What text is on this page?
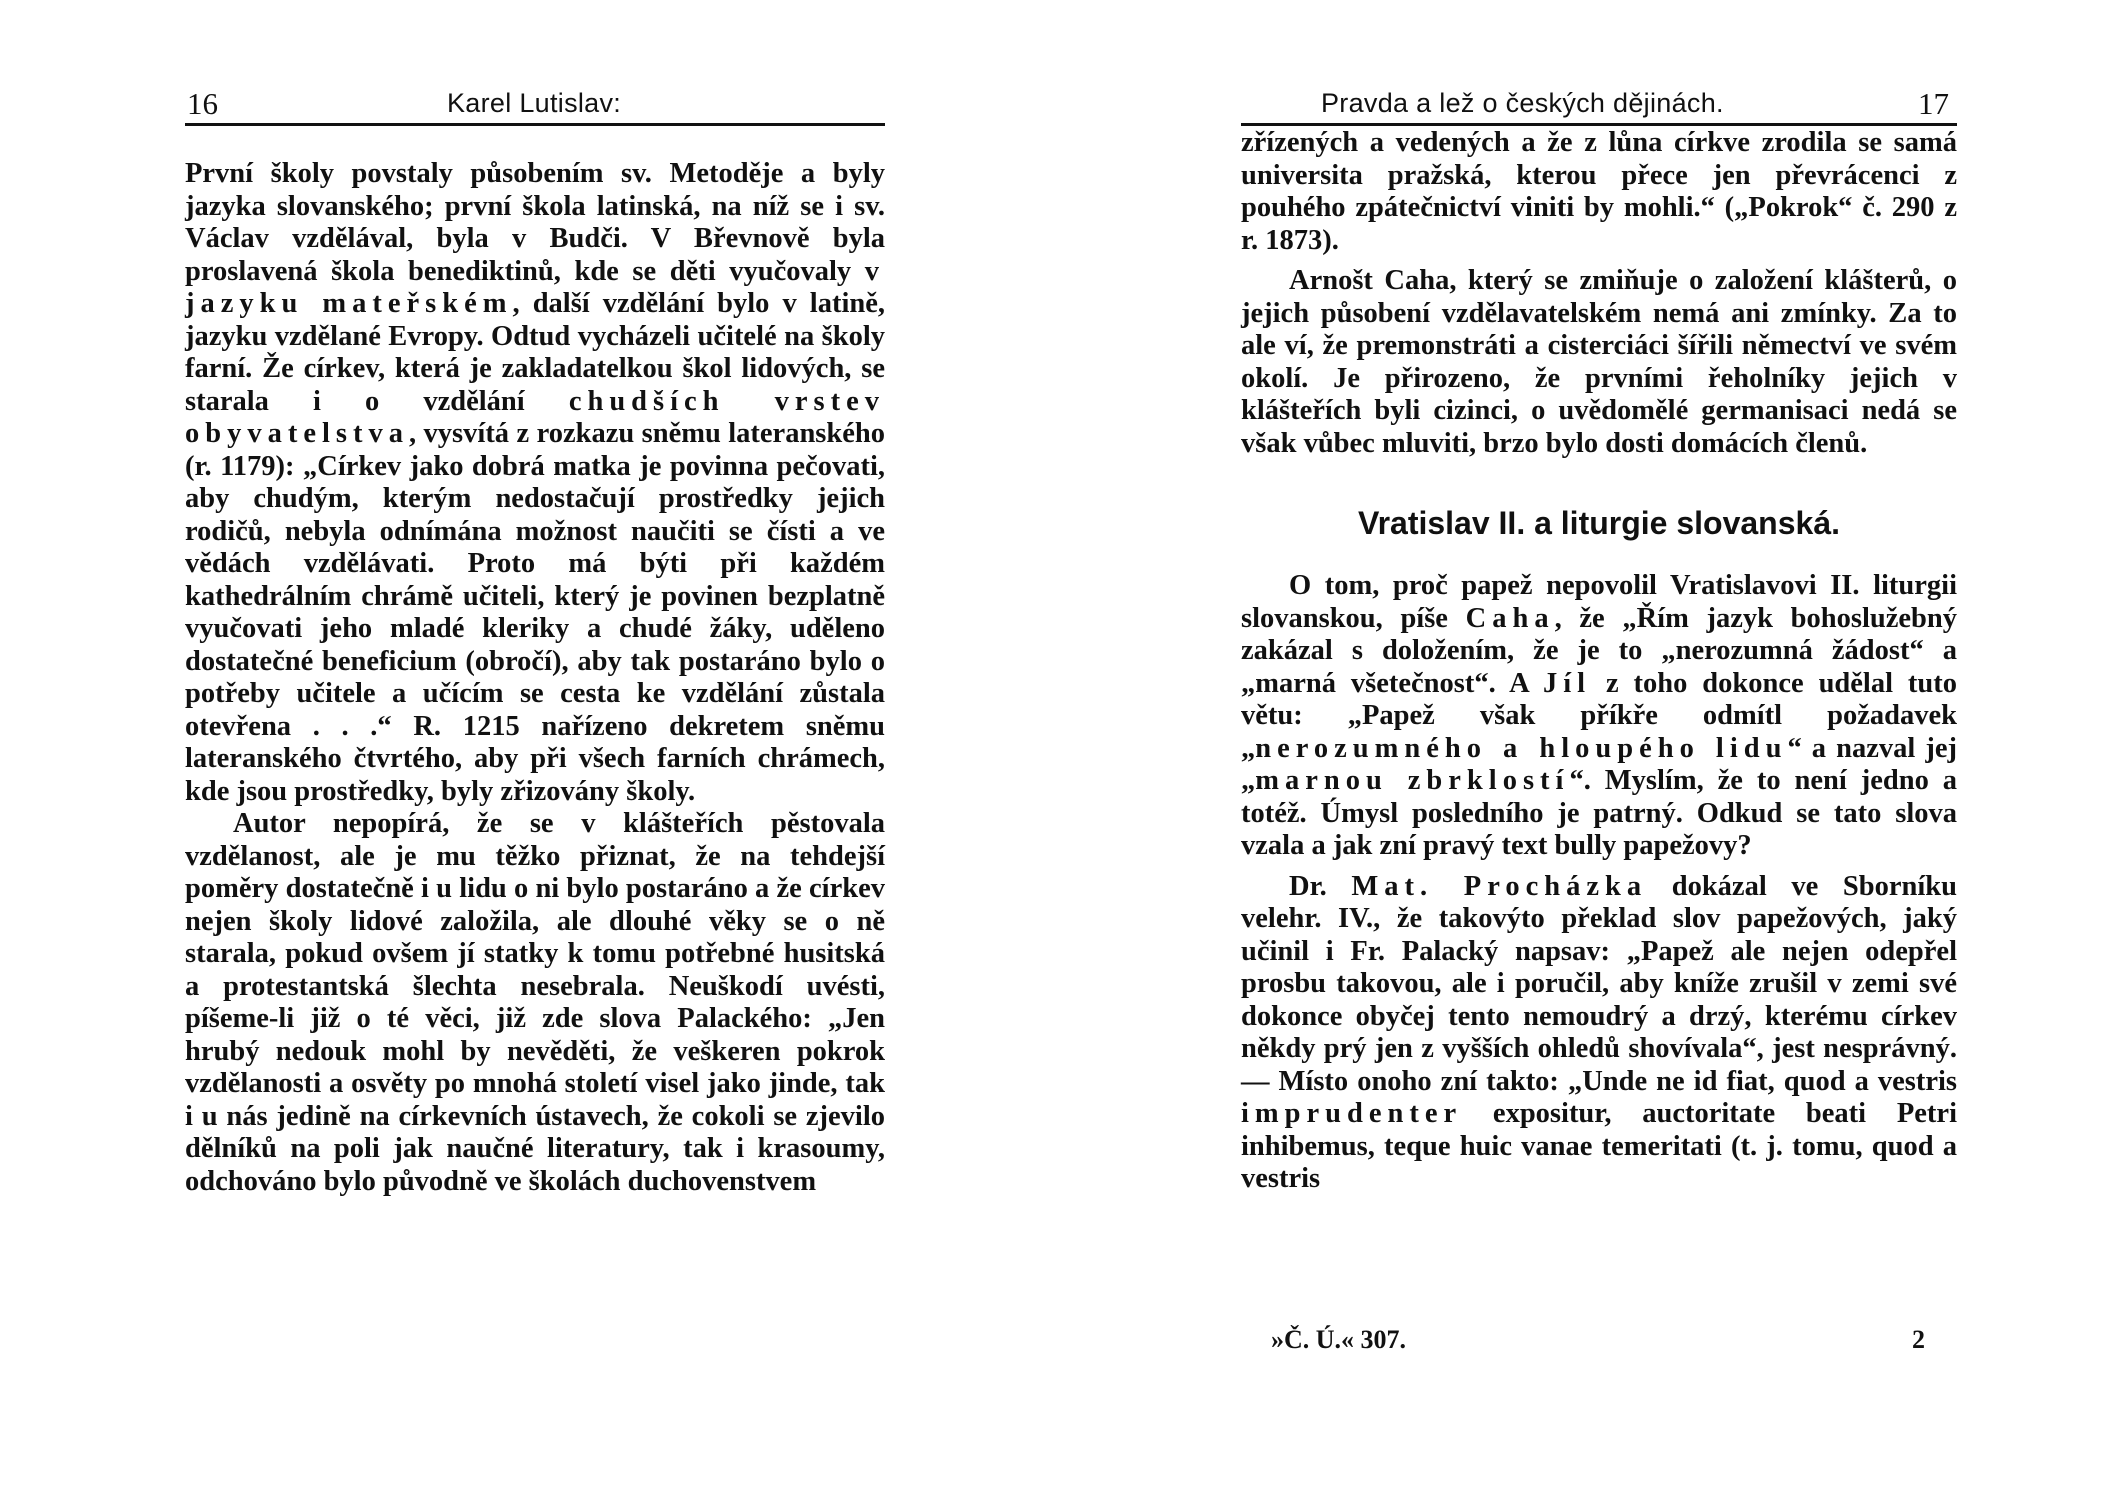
16	Karel Lutislav:

První školy povstaly působením sv. Metoděje a byly jazyka slovanského; první škola latinská, na níž se i sv. Václav vzdělával, byla v Budči. V Břevnově byla proslavená škola benediktinů, kde se děti vyučovaly v jazyku mateřském, další vzdělání bylo v latině, jazyku vzdělané Evropy. Odtud vycházeli učitelé na školy farní. Že církev, která je zakladatelkou škol lidových, se starala i o vzdělání chudších vrstev obyvatelstva, vysvítá z rozkazu sněmu lateranského (r. 1179): „Církev jako dobrá matka je povinna pečovati, aby chudým, kterým nedostačují prostředky jejich rodičů, nebyla odnímána možnost naučiti se čísti a ve vědách vzdělávati. Proto má býti při každém kathedrálním chrámě učiteli, který je povinen bezplatně vyučovati jeho mladé kleriky a chudé žáky, uděleno dostatečné beneficium (obročí), aby tak postaráno bylo o potřeby učitele a učícím se cesta ke vzdělání zůstala otevřena . . .“ R. 1215 nařízeno dekretem sněmu lateranského čtvrtého, aby při všech farních chrámech, kde jsou prostředky, byly zřizovány školy.

Autor nepopírá, že se v klášteřích pěstovala vzdělanost, ale je mu těžko přiznat, že na tehdejší poměry dostatečně i u lidu o ni bylo postaráno a že církev nejen školy lidové založila, ale dlouhé věky se o ně starala, pokud ovšem jí statky k tomu potřebné husitská a protestantská šlechta nesebrala. Neuškodí uvésti, píšeme-li již o té věci, již zde slova Palackého: „Jen hrubý nedouk mohl by nevěděti, že veškeren pokrok vzdělanosti a osvěty po mnohá století visel jako jinde, tak i u nás jedině na církevních ústavech, že cokoli se zjevilo dělníků na poli jak naučné literatury, tak i krasoumy, odchováno bylo původně ve školách duchovenstvem

Pravda a lež o českých dějinách.	17

zřízených a vedených a že z lůna církve zrodila se samá universita pražská, kterou přece jen převrácenci z pouhého zpátečnictví viniti by mohli.“ („Pokrok“ č. 290 z r. 1873).

Arnošt Caha, který se zmiňuje o založení klášterů, o jejich působení vzdělavatelském nemá ani zmínky. Za to ale ví, že premonstráti a cisterciáci šířili němectví ve svém okolí. Je přirozeno, že prvními řeholníky jejich v klášteřích byli cizinci, o uvědomělé germanisaci nedá se však vůbec mluviti, brzo bylo dosti domácích členů.

Vratislav II. a liturgie slovanská.

O tom, proč papež nepovolil Vratislavovi II. liturgii slovanskou, píše Caha, že „Řím jazyk bohoslužebný zakázal s doložením, že je to „nerozumná žádost“ a „marná všetečnost“. A Jíl z toho dokonce udělal tuto větu: „Papež však příkře odmítl požadavek „nerozumného a hloupého lidu“ a nazval jej „marnou zbrklostí“. Myslím, že to není jedno a totéž. Úmysl posledního je patrný. Odkud se tato slova vzala a jak zní pravý text bully papežovy?

Dr. Mat. Procházka dokázal ve Sborníku velehr. IV., že takovýto překlad slov papežových, jaký učinil i Fr. Palacký napsav: „Papež ale nejen odepřel prosbu takovou, ale i poručil, aby kníže zrušil v zemi své dokonce obyčej tento nemoudrý a drzý, kterému církev někdy prý jen z vyšších ohledů shovívala“, jest nesprávný. — Místo onoho zní takto: „Unde ne id fiat, quod a vestris imprudenter expositur, auctoritate beati Petri inhibemus, teque huic vanae temeritati (t. j. tomu, quod a vestris

»Č. Ú.« 307.	2
